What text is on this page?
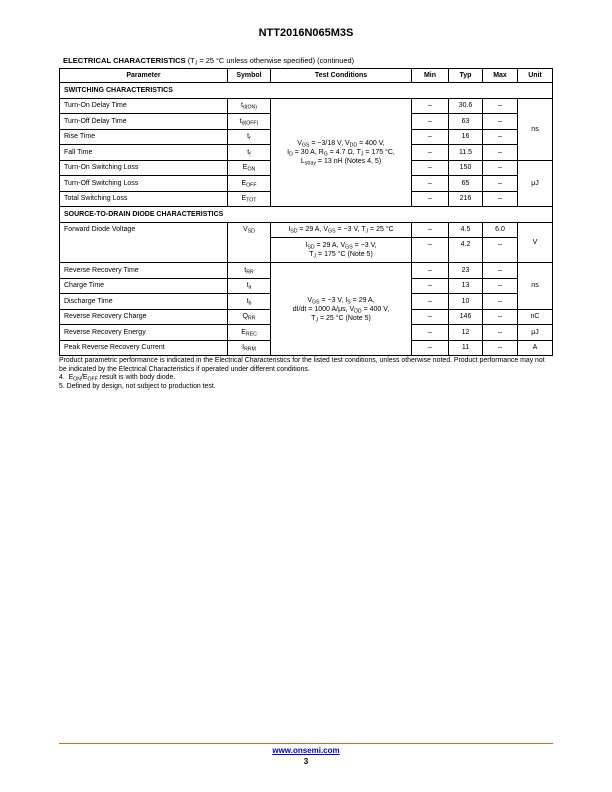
NTT2016N065M3S
ELECTRICAL CHARACTERISTICS ($T_J = 25$ °C unless otherwise specified) (continued)
Parameter	Symbol	Test Conditions	Min	Typ	Max	Unit
SWITCHING CHARACTERISTICS						
Turn-On Delay Time	$t_{d(ON)}$	$V_{GS} = -3/18$ V, $V_{DD} = 400$ V,
$I_D = 30$ A, $R_G = 4.7$ Ω, $T_J = 175$ °C,
$L_{stray} = 13$ nH (Notes 4, 5)	–	30.6	–	ns
Turn-Off Delay Time	$t_{d(OFF)}$		–	63	–	
Rise Time	$t_r$		–	16	–	
Fall Time	$t_f$		–	11.5	–	
Turn-On Switching Loss	$E_{ON}$		–	150	–	μJ
Turn-Off Switching Loss	$E_{OFF}$		–	65	–	
Total Switching Loss	$E_{TOT}$		–	216	–	
SOURCE-TO-DRAIN DIODE CHARACTERISTICS						
Forward Diode Voltage	$V_{SD}$	$I_{SD} = 29$ A, $V_{GS} = -3$ V, $T_J = 25$ °C	–	4.5	6.0	V

		$I_{SD} = 29$ A, $V_{GS} = -3$ V,
$T_J = 175$ °C (Note 5)	–	4.2	–	
Reverse Recovery Time	$t_{RR}$	$V_{GS} = -3$ V, $I_S = 29$ A,
dI/dt = 1000 A/μs, $V_{DD} = 400$ V,
$T_J = 25$ °C (Note 5)	–	23	–	ns
Charge Time	$t_a$		–	13	–	
Discharge Time	$t_b$		–	10	–	
Reverse Recovery Charge	$Q_{RR}$		–	146	–	nC
Reverse Recovery Energy	$E_{REC}$		–	12	–	μJ
Peak Reverse Recovery Current	$I_{RRM}$		–	11	–	A

Product parametric performance is indicated in the Electrical Characteristics for the listed test conditions, unless otherwise noted. Product performance may not be indicated by the Electrical Characteristics if operated under different conditions.

4. $E_{ON}/E_{OFF}$ result is with body diode.

5. Defined by design, not subject to production test.

www.onsemi.com
3
